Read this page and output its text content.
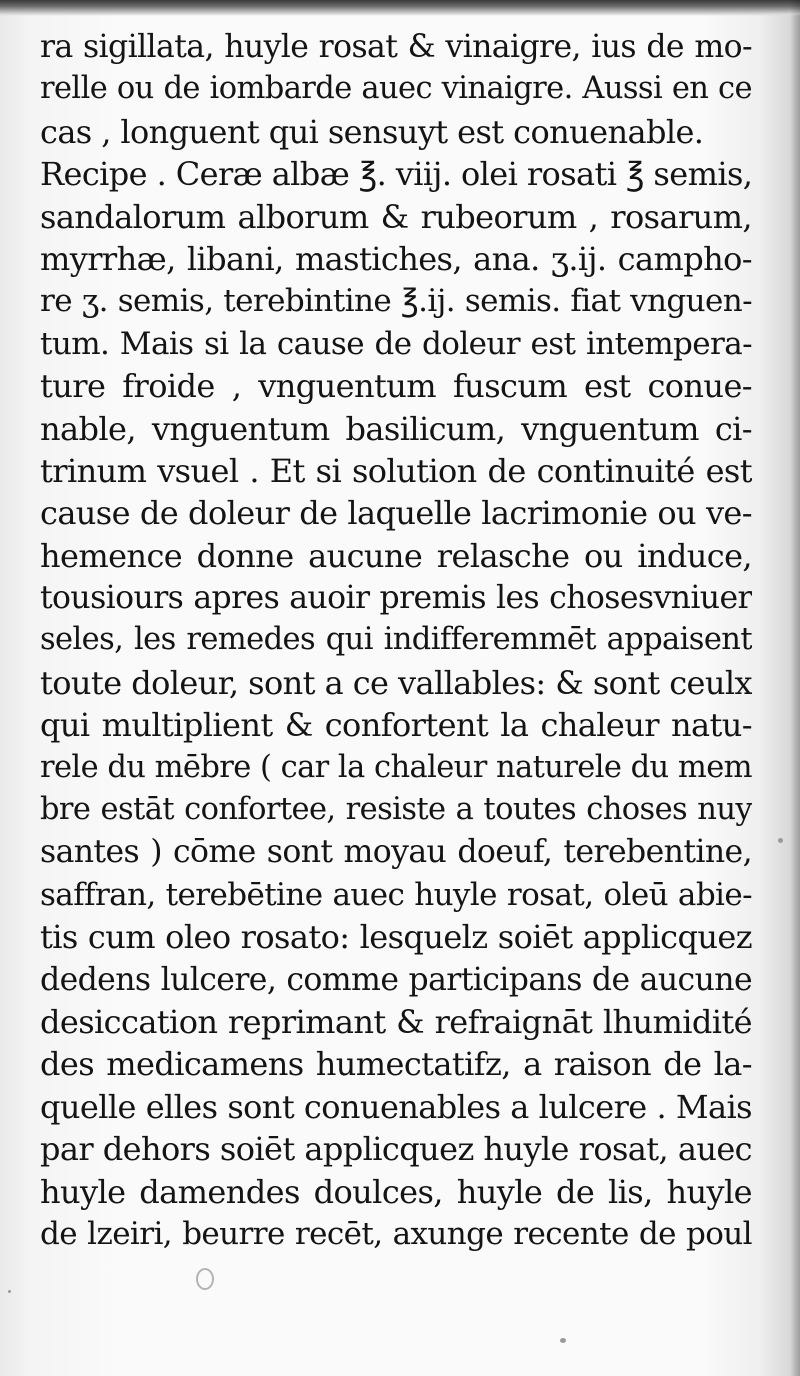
ra sigillata, huyle rosat & vinaigre, ius de mo-
relle ou de iombarde auec vinaigre. Aussi en ce
cas , longuent qui sensuyt est conuenable.
Recipe . Ceræ albæ ℥. viij. olei rosati ℥ semis,
sandalorum alborum & rubeorum , rosarum,
myrrhæ, libani, mastiches, ana. ʒ.ij. campho-
re ʒ. semis, terebintine ℥.ij. semis. fiat vnguen-
tum. Mais si la cause de doleur est intempera-
ture froide , vnguentum fuscum est conue-
nable, vnguentum basilicum, vnguentum ci-
trinum vsuel . Et si solution de continuité est
cause de doleur de laquelle lacrimonie ou ve-
hemence donne aucune relasche ou induce,
tousiours apres auoir premis les chosesvniuer
seles, les remedes qui indifferemmēt appaisent
toute doleur, sont a ce vallables: & sont ceulx
qui multiplient & confortent la chaleur natu-
rele du mēbre ( car la chaleur naturele du mem
bre estāt confortee, resiste a toutes choses nuy
santes ) cōme sont moyau doeuf, terebentine,
saffran, terebētine auec huyle rosat, oleū abie-
tis cum oleo rosato: lesquelz soiēt applicquez
dedens lulcere, comme participans de aucune
desiccation reprimant & refraignāt lhumidité
des medicamens humectatifz, a raison de la-
quelle elles sont conuenables a lulcere . Mais
par dehors soiēt applicquez huyle rosat, auec
huyle damendes doulces, huyle de lis, huyle
de lzeiri, beurre recēt, axunge recente de poul
